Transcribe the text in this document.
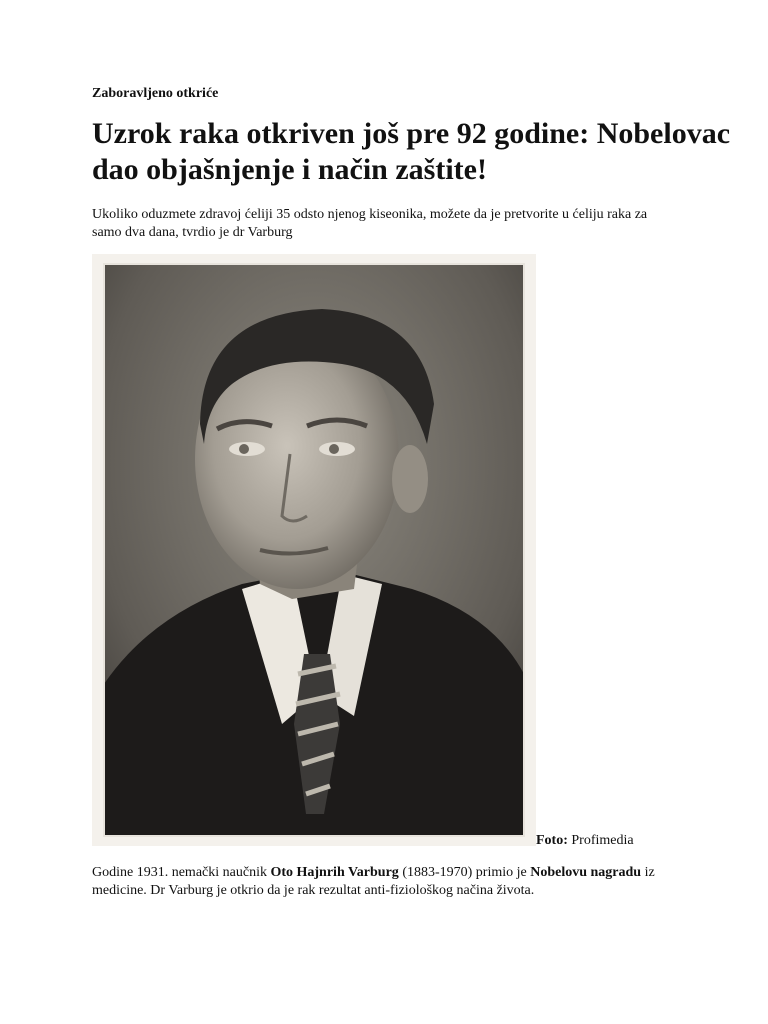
Zaboravljeno otkriće

Uzrok raka otkriven još pre 92 godine: Nobelovac dao objašnjenje i način zaštite!

Ukoliko oduzmete zdravoj ćeliji 35 odsto njenog kiseonika, možete da je pretvorite u ćeliju raka za samo dva dana, tvrdio je dr Varburg

Foto: Profimedia

Godine 1931. nemački naučnik Oto Hajnrih Varburg (1883-1970) primio je Nobelovu nagradu iz medicine. Dr Varburg je otkrio da je rak rezultat anti-fiziološkog načina života.
